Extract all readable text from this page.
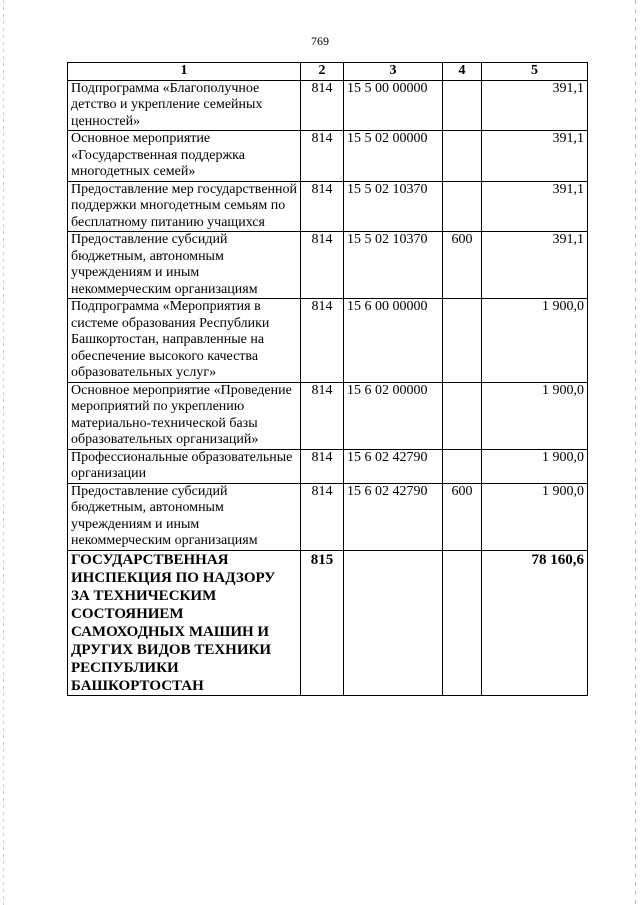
769
1	2	3	4	5
Подпрограмма «Благополучное детство и укрепление семейных ценностей»	814	15 5 00 00000		391,1
Основное мероприятие «Государственная поддержка многодетных семей»	814	15 5 02 00000		391,1
Предоставление мер государственной поддержки многодетным семьям по бесплатному питанию учащихся	814	15 5 02 10370		391,1
Предоставление субсидий бюджетным, автономным учреждениям и иным некоммерческим организациям	814	15 5 02 10370	600	391,1
Подпрограмма «Мероприятия в системе образования Республики Башкортостан, направленные на обеспечение высокого качества образовательных услуг»	814	15 6 00 00000		1 900,0
Основное мероприятие «Проведение мероприятий по укреплению материально-технической базы образовательных организаций»	814	15 6 02 00000		1 900,0
Профессиональные образовательные организации	814	15 6 02 42790		1 900,0
Предоставление субсидий бюджетным, автономным учреждениям и иным некоммерческим организациям	814	15 6 02 42790	600	1 900,0
ГОСУДАРСТВЕННАЯ ИНСПЕКЦИЯ ПО НАДЗОРУ ЗА ТЕХНИЧЕСКИМ СОСТОЯНИЕМ САМОХОДНЫХ МАШИН И ДРУГИХ ВИДОВ ТЕХНИКИ РЕСПУБЛИКИ БАШКОРТОСТАН	815			78 160,6
